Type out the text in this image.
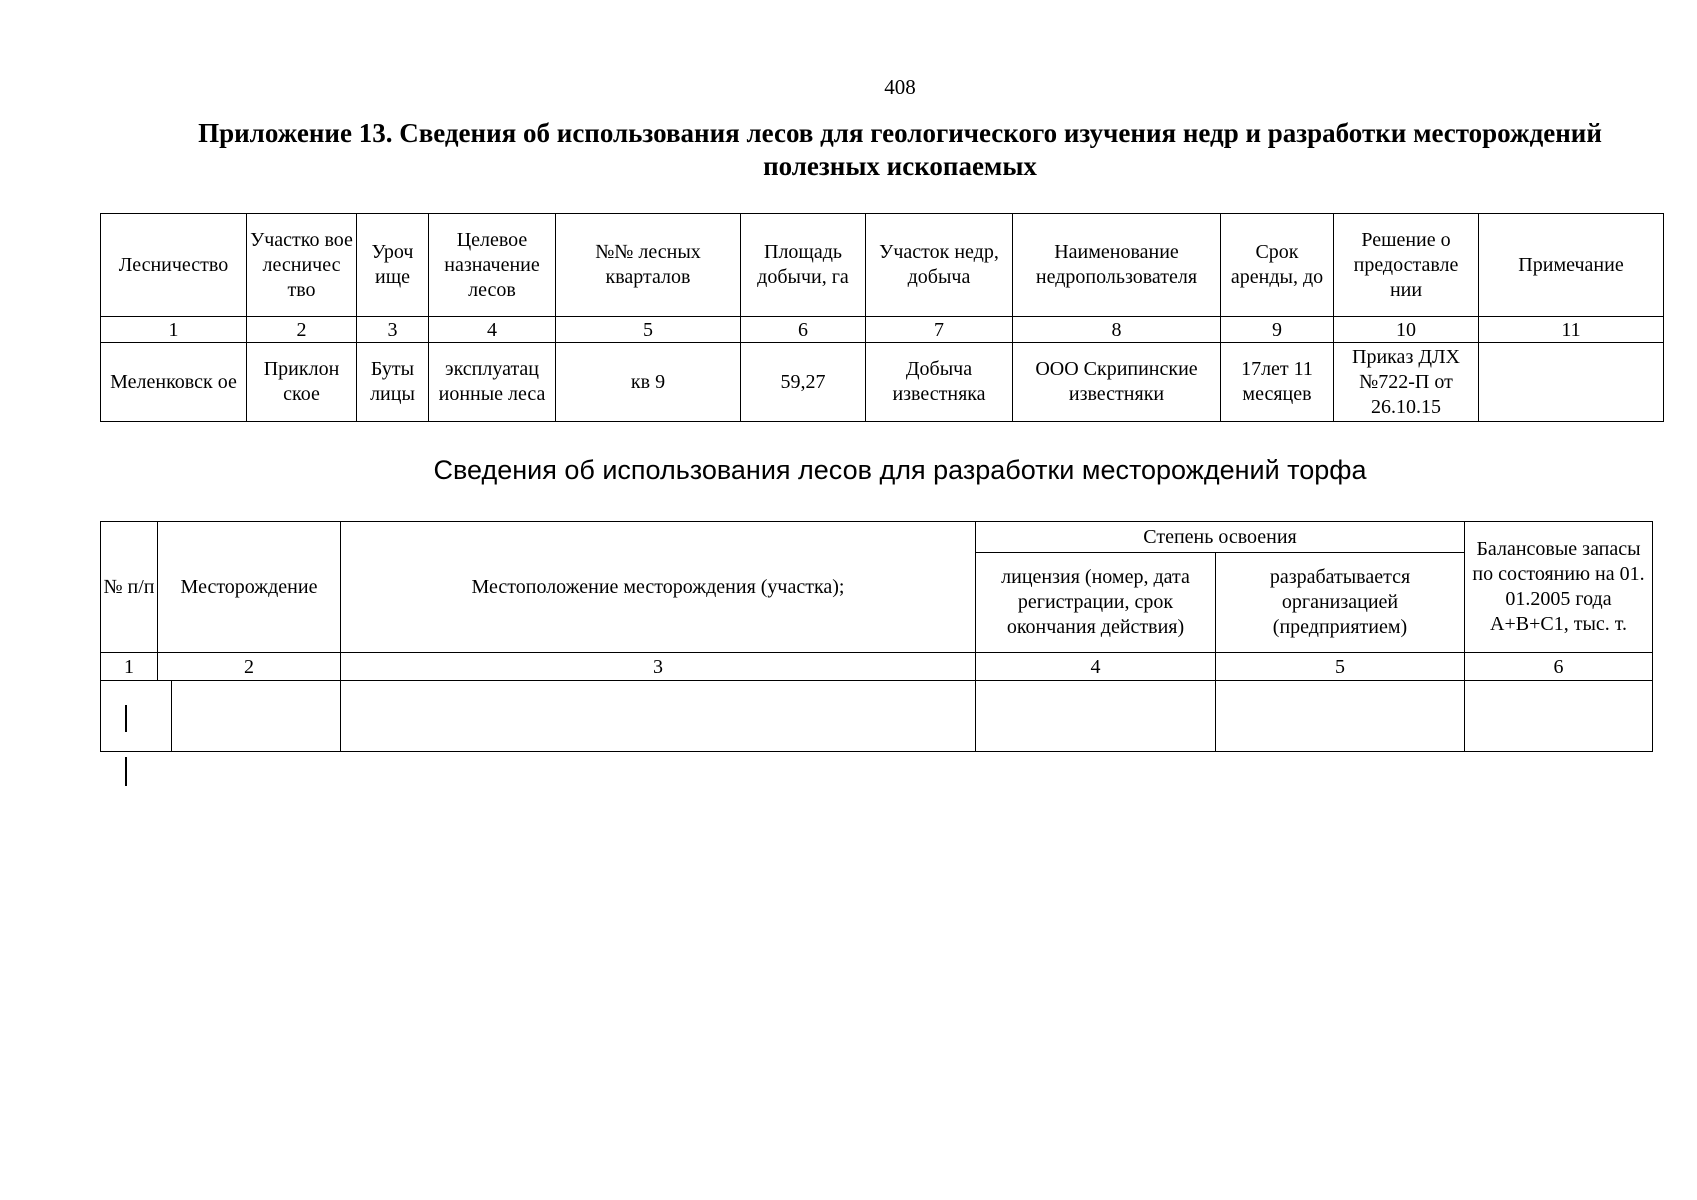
408
Приложение 13. Сведения об использования лесов для геологического изучения недр и разработки месторождений полезных ископаемых
Лесничество	Участко вое лесничес тво	Уроч ище	Целевое назначение лесов	№№ лесных кварталов	Площадь добычи, га	Участок недр, добыча	Наименование недропользователя	Срок аренды, до	Решение о предоставле нии	Примечание
1	2	3	4	5	6	7	8	9	10	11
Меленковск ое	Приклон ское	Буты лицы	эксплуатац ионные леса	кв 9	59,27	Добыча известняка	ООО Скрипинские известняки	17лет 11 месяцев	Приказ ДЛХ №722-П от 26.10.15	
Сведения об использования лесов для разработки месторождений торфа
№ п/п	Месторождение	Местоположение месторождения (участка);	Степень освоения		Балансовые запасы по состоянию на 01. 01.2005 года А+В+С1, тыс. т.
			лицензия (номер, дата регистрации, срок окончания действия)	разрабатывается организацией (предприятием)	
1	2	3	4	5	6
